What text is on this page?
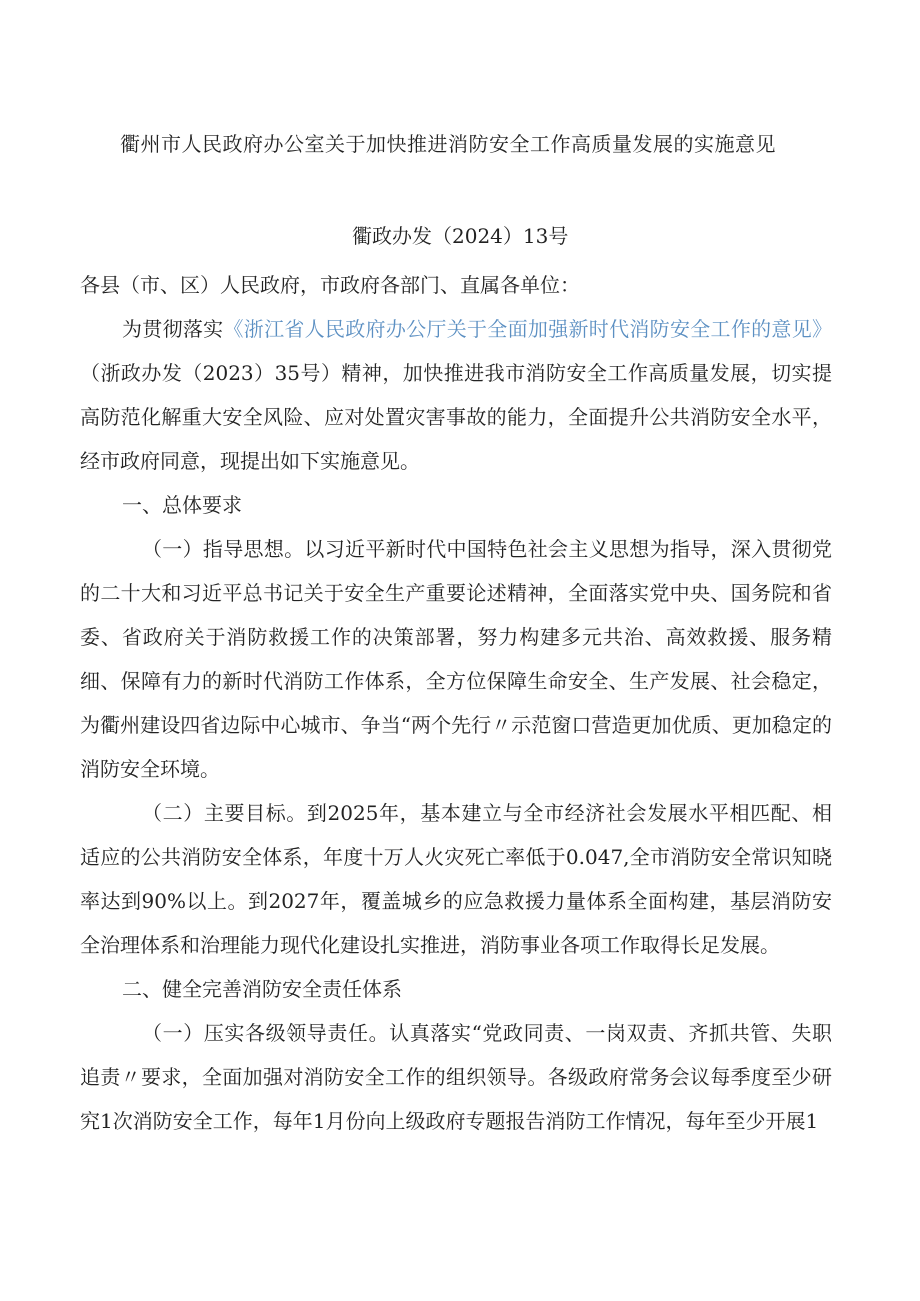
衢州市人民政府办公室关于加快推进消防安全工作高质量发展的实施意见
衢政办发（2024）13号

各县（市、区）人民政府，市政府各部门、直属各单位：

为贯彻落实《浙江省人民政府办公厅关于全面加强新时代消防安全工作的意见》（浙政办发（2023）35号）精神，加快推进我市消防安全工作高质量发展，切实提高防范化解重大安全风险、应对处置灾害事故的能力，全面提升公共消防安全水平，经市政府同意，现提出如下实施意见。

一、总体要求

（一）指导思想。以习近平新时代中国特色社会主义思想为指导，深入贯彻党的二十大和习近平总书记关于安全生产重要论述精神，全面落实党中央、国务院和省委、省政府关于消防救援工作的决策部署，努力构建多元共治、高效救援、服务精细、保障有力的新时代消防工作体系，全方位保障生命安全、生产发展、社会稳定，为衢州建设四省边际中心城市、争当“两个先行〃示范窗口营造更加优质、更加稳定的消防安全环境。

（二）主要目标。到2025年，基本建立与全市经济社会发展水平相匹配、相适应的公共消防安全体系，年度十万人火灾死亡率低于0.047,全市消防安全常识知晓率达到90%以上。到2027年，覆盖城乡的应急救援力量体系全面构建，基层消防安全治理体系和治理能力现代化建设扎实推进，消防事业各项工作取得长足发展。

二、健全完善消防安全责任体系

（一）压实各级领导责任。认真落实“党政同责、一岗双责、齐抓共管、失职追责〃要求，全面加强对消防安全工作的组织领导。各级政府常务会议每季度至少研究1次消防安全工作，每年1月份向上级政府专题报告消防工作情况，每年至少开展1
